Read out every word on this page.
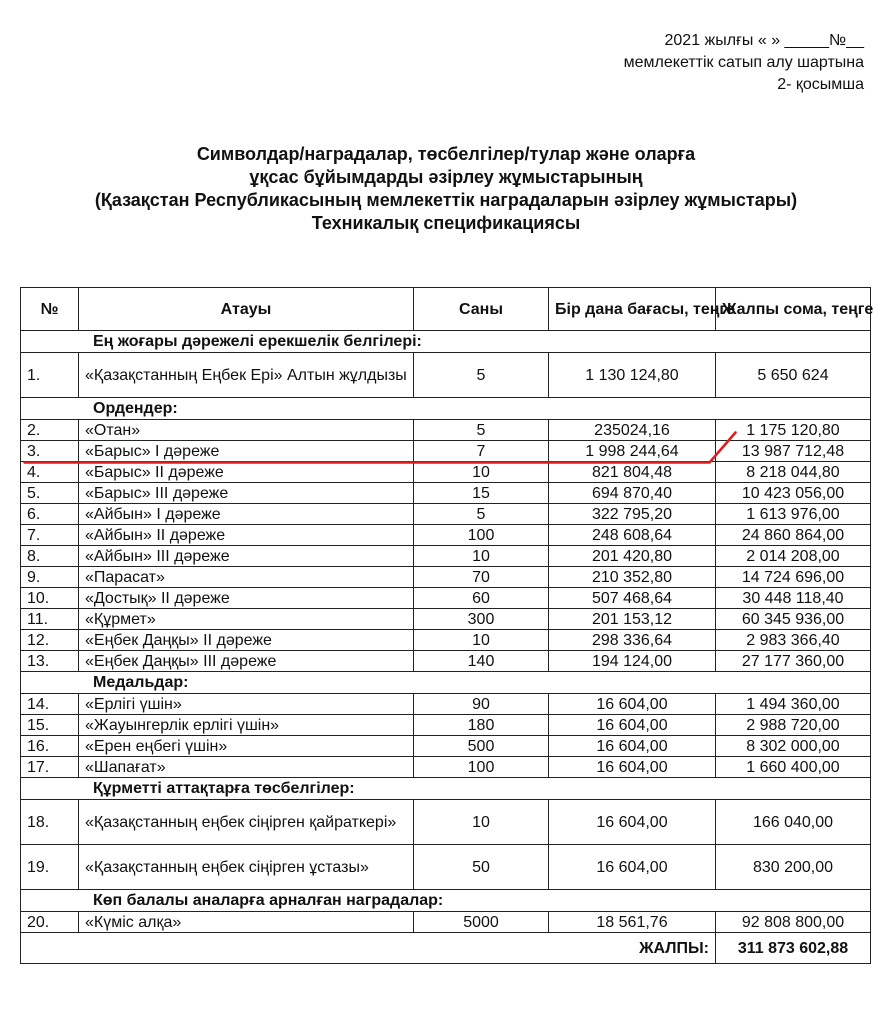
2021 жылғы « » _____№__
мемлекеттік сатып алу шартына
2- қосымша
Символдар/наградалар, төсбелгілер/тулар және оларға
ұқсас бұйымдарды әзірлеу жұмыстарының
(Қазақстан Республикасының мемлекеттік наградаларын әзірлеу жұмыстары)
Техникалық спецификациясы
№	Атауы	Саны	Бір дана бағасы, теңге	Жалпы сома, теңге
Ең жоғары дәрежелі ерекшелік белгілері:				
1.	«Қазақстанның Еңбек Ері» Алтын жұлдызы	5	1 130 124,80	5 650 624
Ордендер:				
2.	«Отан»	5	235024,16	1 175 120,80
3.	«Барыс» I дәреже	7	1 998 244,64	13 987 712,48
4.	«Барыс» II дәреже	10	821 804,48	8 218 044,80
5.	«Барыс» III дәреже	15	694 870,40	10 423 056,00
6.	«Айбын» I дәреже	5	322 795,20	1 613 976,00
7.	«Айбын» II дәреже	100	248 608,64	24 860 864,00
8.	«Айбын» III дәреже	10	201 420,80	2 014 208,00
9.	«Парасат»	70	210 352,80	14 724 696,00
10.	«Достық» II дәреже	60	507 468,64	30 448 118,40
11.	«Құрмет»	300	201 153,12	60 345 936,00
12.	«Еңбек Даңқы» II дәреже	10	298 336,64	2 983 366,40
13.	«Еңбек Даңқы» III дәреже	140	194 124,00	27 177 360,00
Медальдар:				
14.	«Ерлігі үшін»	90	16 604,00	1 494 360,00
15.	«Жауынгерлік ерлігі үшін»	180	16 604,00	2 988 720,00
16.	«Ерен еңбегі үшін»	500	16 604,00	8 302 000,00
17.	«Шапағат»	100	16 604,00	1 660 400,00
Құрметті аттақтарға төсбелгілер:				
18.	«Қазақстанның еңбек сіңірген қайраткері»	10	16 604,00	166 040,00
19.	«Қазақстанның еңбек сіңірген ұстазы»	50	16 604,00	830 200,00
Көп балалы аналарға арналған наградалар:				
20.	«Күміс алқа»	5000	18 561,76	92 808 800,00
ЖАЛПЫ:				311 873 602,88
